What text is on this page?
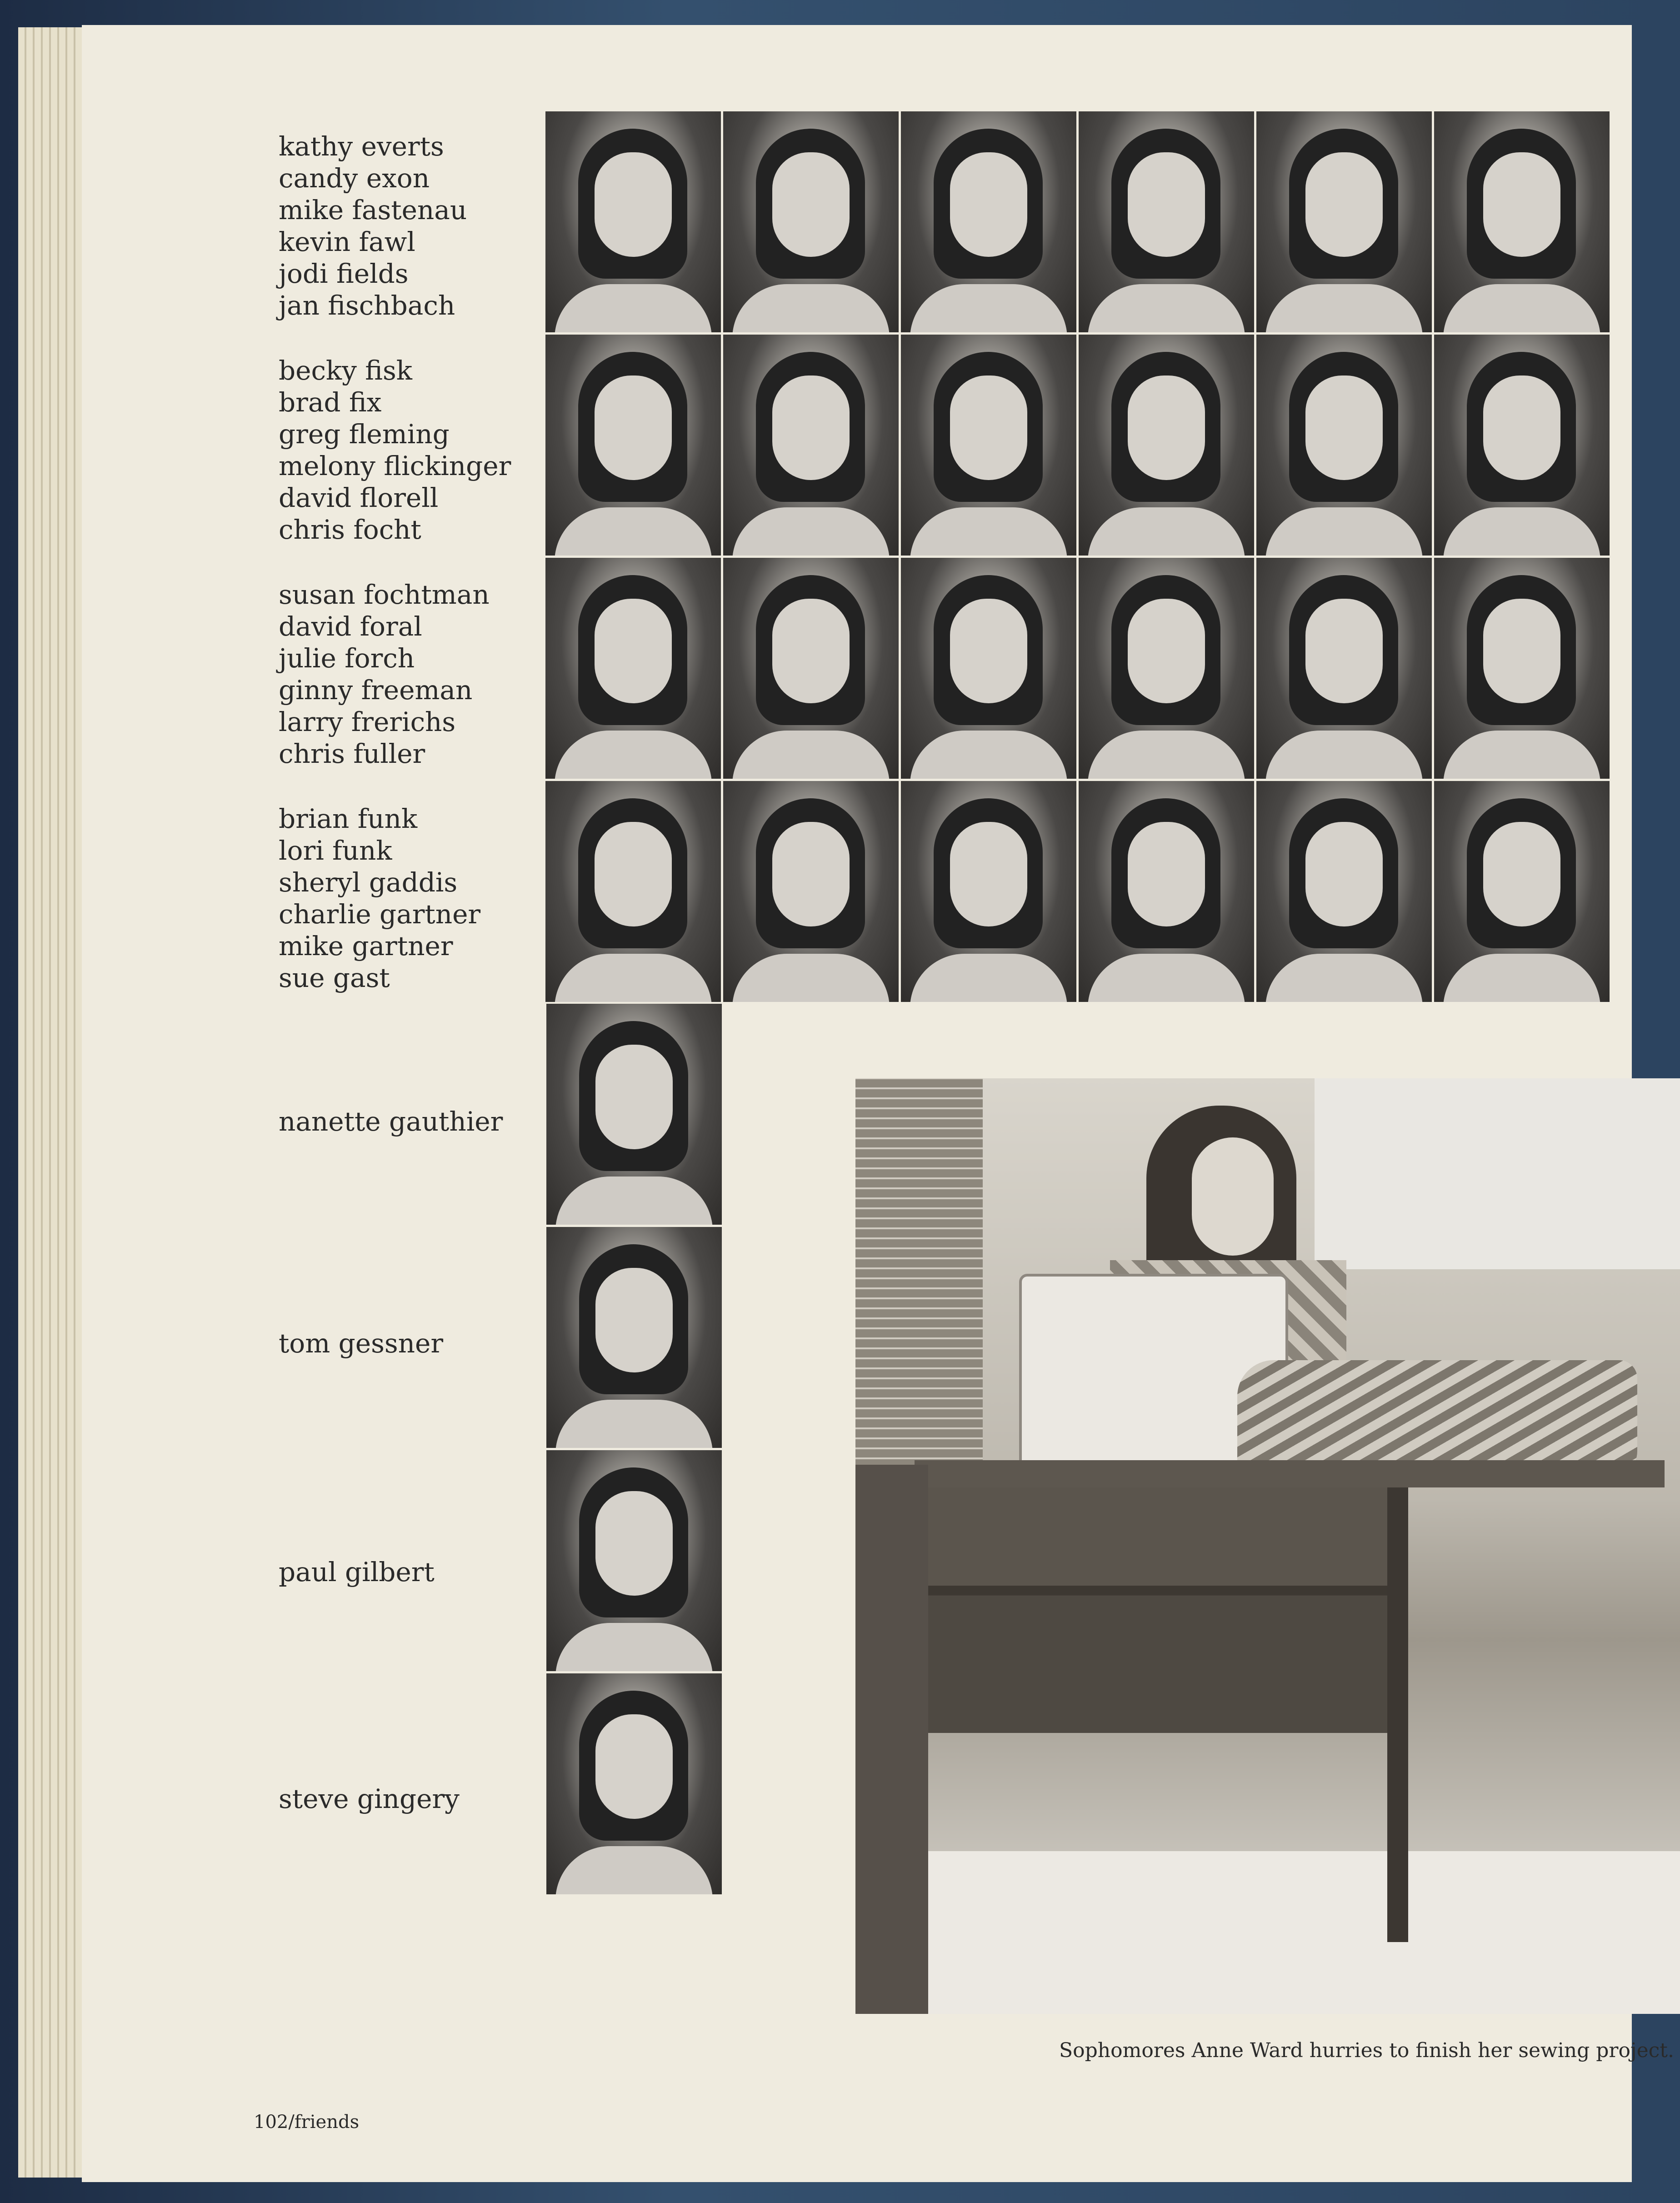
kathy everts
candy exon
mike fastenau
kevin fawl
jodi fields
jan fischbach
becky fisk
brad fix
greg fleming
melony flickinger
david florell
chris focht
susan fochtman
david foral
julie forch
ginny freeman
larry frerichs
chris fuller
brian funk
lori funk
sheryl gaddis
charlie gartner
mike gartner
sue gast
nanette gauthier
tom gessner
paul gilbert
steve gingery
Sophomores Anne Ward hurries to finish her sewing project.
102/friends
